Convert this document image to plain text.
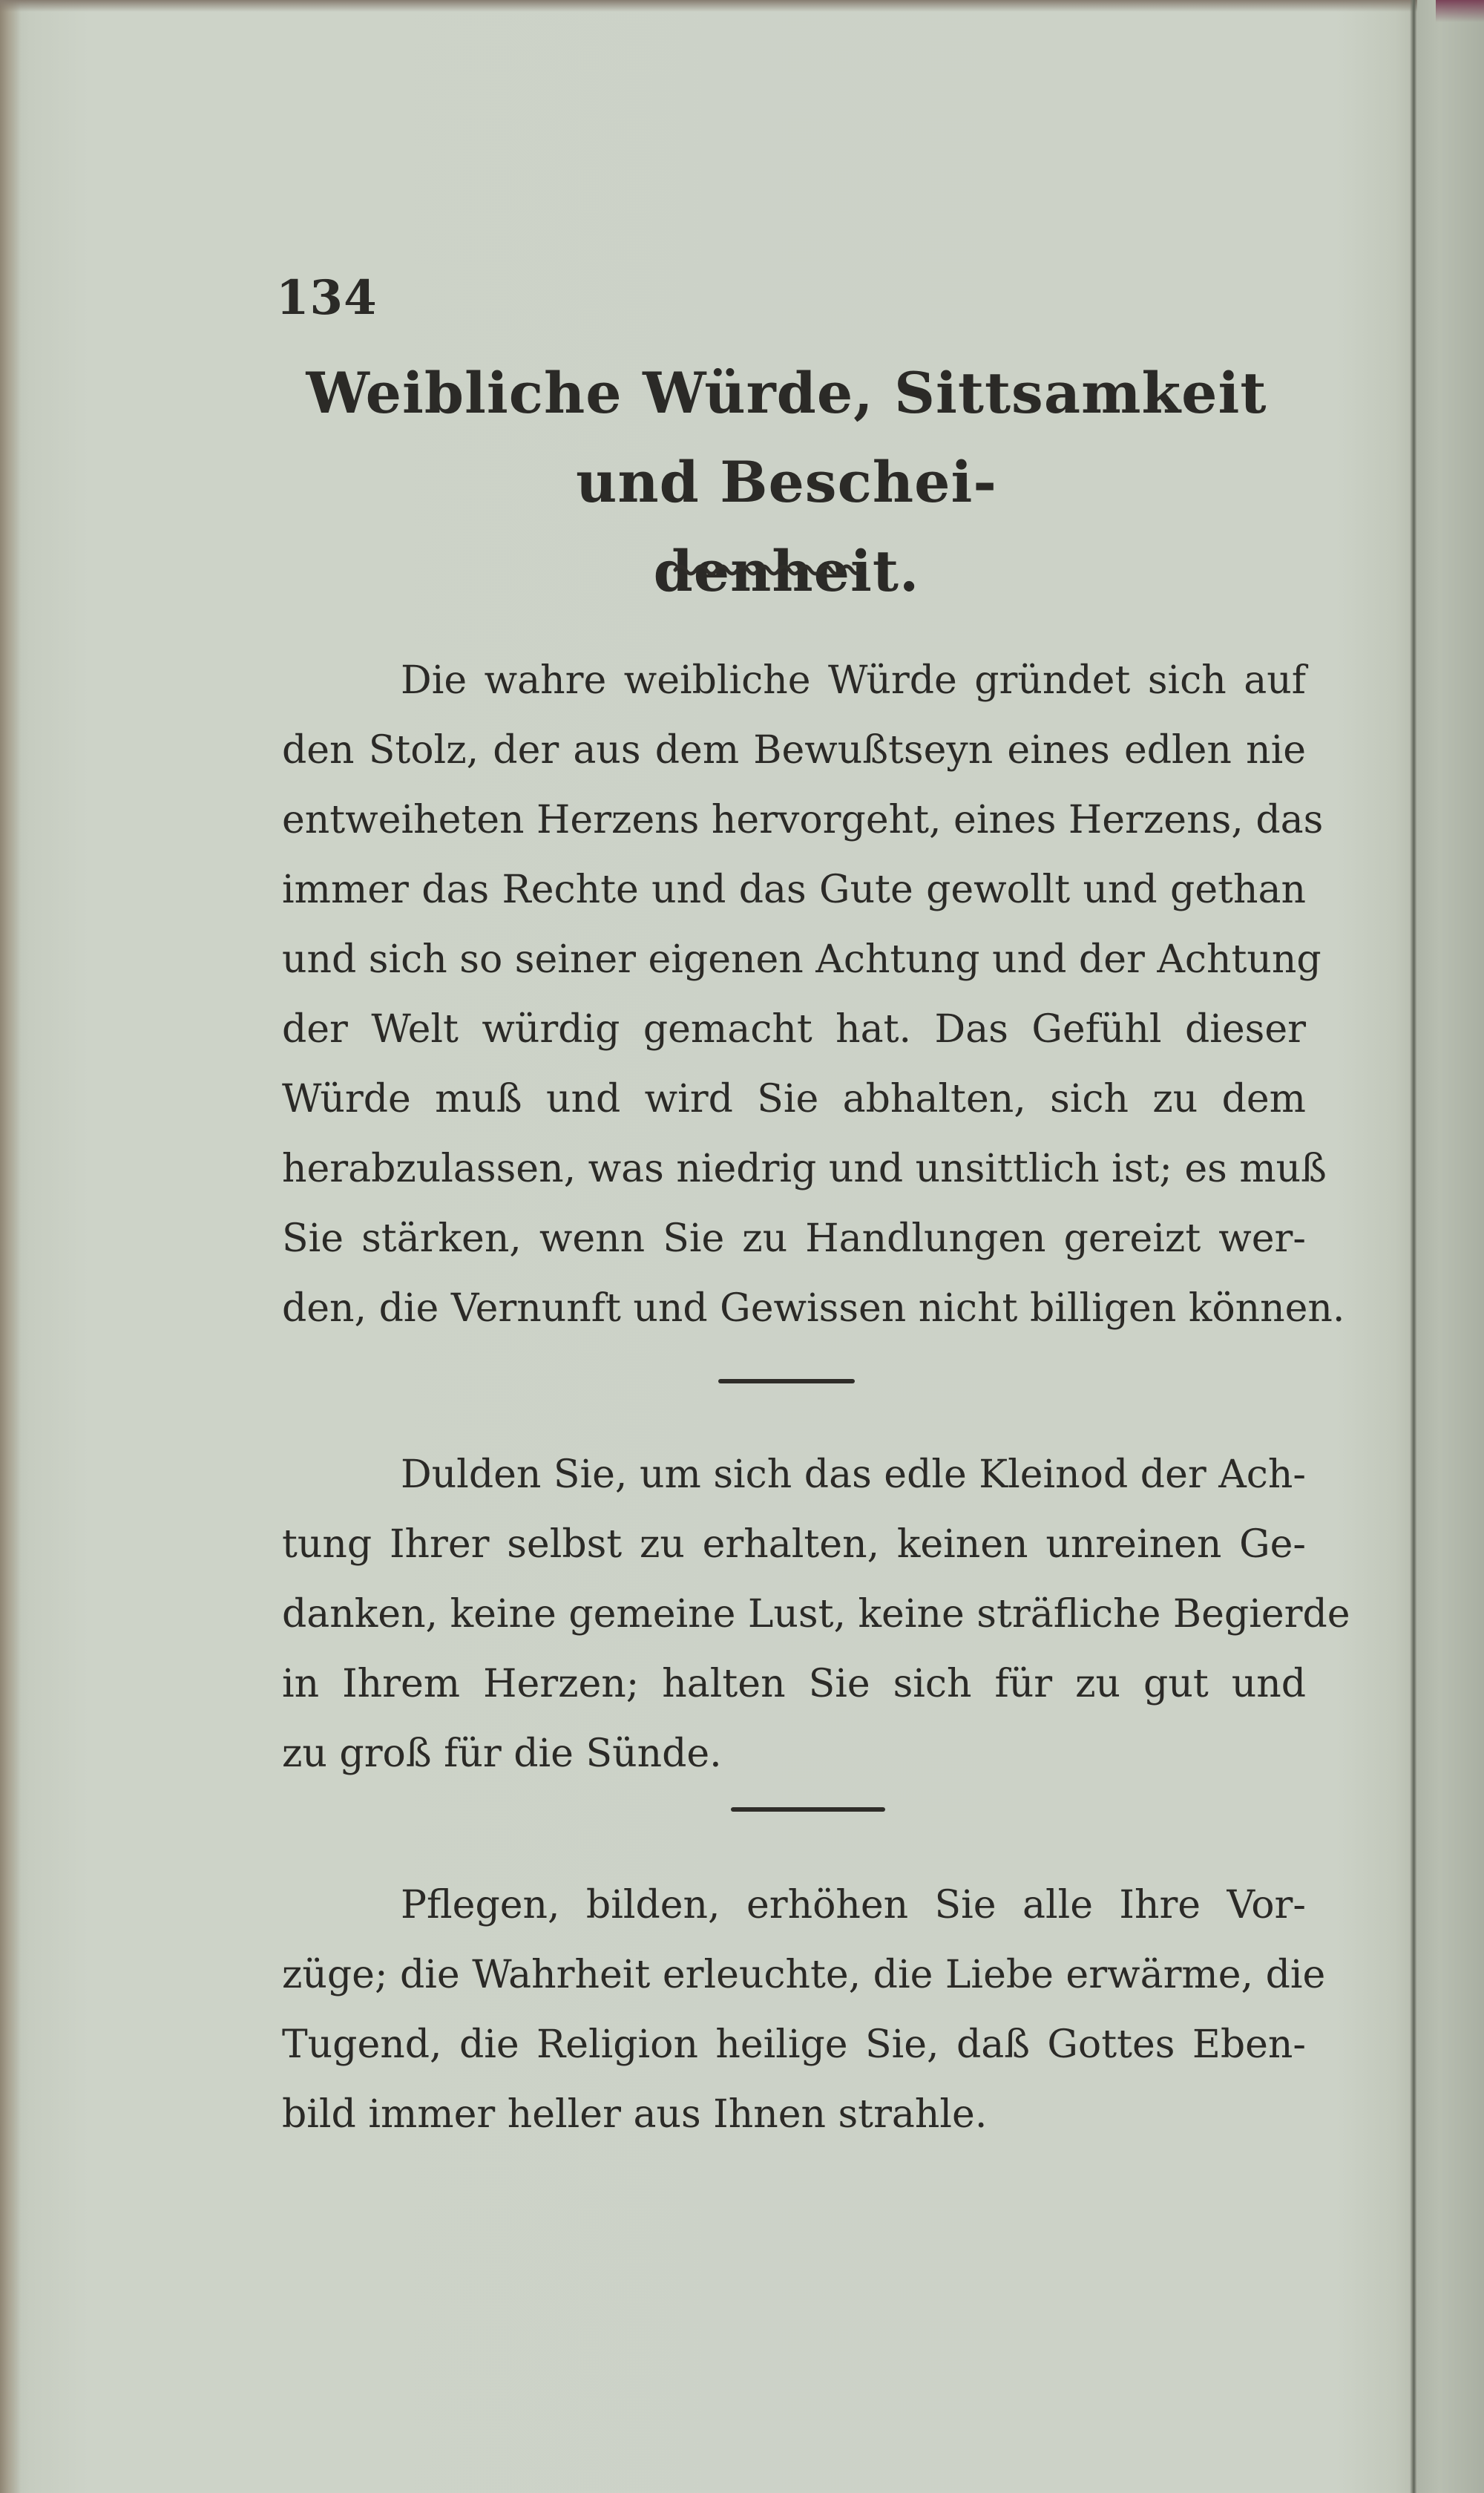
134
Weibliche Würde, Sittsamkeit und Beschei-
denheit.
Die wahre weibliche Würde gründet sich auf
den Stolz, der aus dem Bewußtseyn eines edlen nie
entweiheten Herzens hervorgeht, eines Herzens, das
immer das Rechte und das Gute gewollt und gethan
und sich so seiner eigenen Achtung und der Achtung
der Welt würdig gemacht hat. Das Gefühl dieser
Würde muß und wird Sie abhalten, sich zu dem
herabzulassen, was niedrig und unsittlich ist; es muß
Sie stärken, wenn Sie zu Handlungen gereizt wer-
den, die Vernunft und Gewissen nicht billigen können.
Dulden Sie, um sich das edle Kleinod der Ach-
tung Ihrer selbst zu erhalten, keinen unreinen Ge-
danken, keine gemeine Lust, keine sträfliche Begierde
in Ihrem Herzen; halten Sie sich für zu gut und
zu groß für die Sünde.
Pflegen, bilden, erhöhen Sie alle Ihre Vor-
züge; die Wahrheit erleuchte, die Liebe erwärme, die
Tugend, die Religion heilige Sie, daß Gottes Eben-
bild immer heller aus Ihnen strahle.
